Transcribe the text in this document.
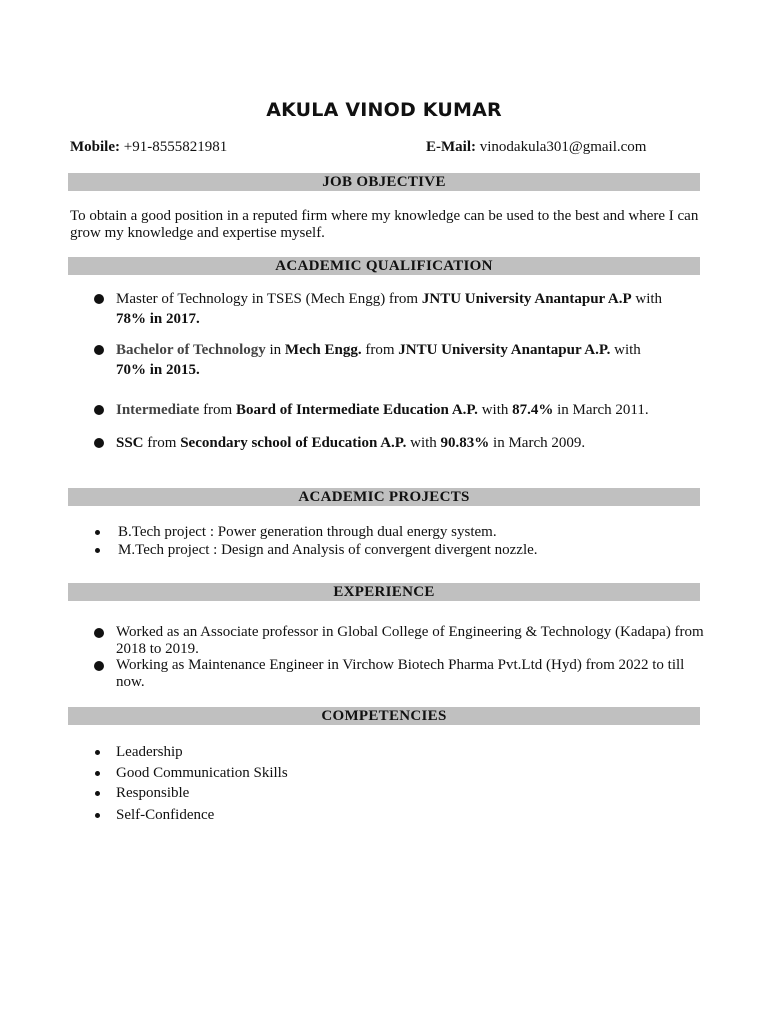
AKULA VINOD KUMAR
Mobile: +91-8555821981	E-Mail: vinodakula301@gmail.com
JOB OBJECTIVE
To obtain a good position in a reputed firm where my knowledge can be used to the best and where I can grow my knowledge and expertise myself.
ACADEMIC QUALIFICATION
Master of Technology in TSES (Mech Engg) from JNTU University Anantapur A.P with
78% in 2017.
Bachelor of Technology in Mech Engg. from JNTU University Anantapur A.P. with
70% in 2015.
Intermediate from Board of Intermediate Education A.P. with 87.4% in March 2011.
SSC from Secondary school of Education A.P. with 90.83% in March 2009.
ACADEMIC PROJECTS
B.Tech project : Power generation through dual energy system.
M.Tech project : Design and Analysis of convergent divergent nozzle.
EXPERIENCE
Worked as an Associate professor in Global College of Engineering & Technology (Kadapa) from 2018 to 2019.
Working as Maintenance Engineer in Virchow Biotech Pharma Pvt.Ltd (Hyd) from 2022 to till now.
COMPETENCIES
Leadership
Good Communication Skills
Responsible
Self-Confidence
